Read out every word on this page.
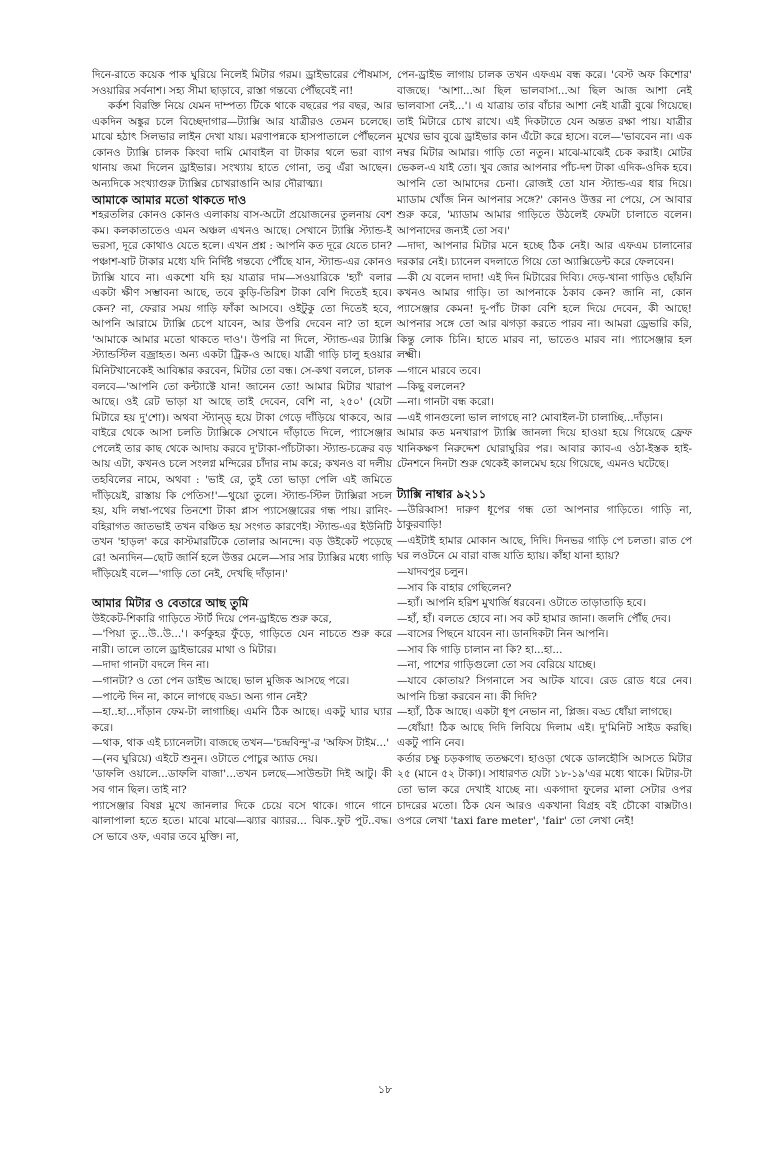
দিনে-রাতে কয়েক পাক ঘুরিয়ে নিলেই মিটার গরম। ড্রাইভারের পৌষমাস, সওয়ারির সর্বনাশ। সহ্য সীমা ছাড়াবে, রাস্তা গন্তব্যে পৌঁছবেই না!

কর্কশ বিরক্তি নিয়ে যেমন দাম্পত্য টিকে থাকে বছরের পর বছর, আর একদিন অঙ্কুর চলে বিচ্ছেদাগার—ট্যাক্সি আর যাত্রীরও তেমন চলেছে। মাঝে হঠাৎ সিলভার লাইন দেখা যায়। মরণাপন্নকে হাসপাতালে পৌঁছলেন কোনও ট্যাক্সি চালক কিংবা দামি মোবাইল বা টাকার থলে ভরা ব্যাগ থানায় জমা দিলেন ড্রাইভার। সংখ্যায় হাতে গোনা, তবু এঁরা আছেন। অন্যদিকে সংখ্যাগুরু ট্যাক্সির চোখরাঙানি আর দৌরাত্ম্য।

আমাকে আমার মতো থাকতে দাও

শহরতলির কোনও কোনও এলাকায় বাস-অটো প্রয়োজনের তুলনায় বেশ কম। কলকাতাতেও এমন অঞ্চল এখনও আছে। সেখানে ট্যাক্সি স্ট্যান্ড-ই ভরসা, দূরে কোথাও যেতে হলে। এখন প্রশ্ন : আপনি কত দূরে যেতে চান? পঞ্চাশ-ষাট টাকার মধ্যে যদি নির্দিষ্ট গন্তব্যে পৌঁছে যান, স্ট্যান্ড-এর কোনও ট্যাক্সি যাবে না। একশো যদি হয় যাত্রার দাম—সওয়ারিকে 'হ্যাঁ' বলার একটা ক্ষীণ সম্ভাবনা আছে, তবে কুড়ি-তিরিশ টাকা বেশি দিতেই হবে। কেন? না, ফেরার সময় গাড়ি ফাঁকা আসবে। ওইটুকু তো দিতেই হবে, আপনি আরামে ট্যাক্সি চেপে যাবেন, আর উপরি দেবেন না? তা হলে 'আমাকে আমার মতো থাকতে দাও'। উপরি না দিলে, স্ট্যান্ড-এর ট্যাক্সি স্ট্যান্ডস্টিল বজ্রাহত। অন্য একটা ট্রিক-ও আছে। যাত্রী গাড়ি চালু হওয়ার মিনিটখানেকেই আবিষ্কার করবেন, মিটার তো বন্ধ। সে-কথা বললে, চালক বলবে—'আপনি তো কন্ট্যাক্টে যান! জানেন তো! আমার মিটার খারাপ আছে। ওই রেট ভাড়া যা আছে তাই দেবেন, বেশি না, ২৫০' (যেটা মিটারে হয় দু'শো)। অথবা স্ট্যান্ড্‌ হয়ে টাকা গেড়ে দাঁড়িয়ে থাকবে, আর বাইরে থেকে আসা চলতি ট্যাক্সিকে সেখানে দাঁড়াতে দিলে, প্যাসেঞ্জার পেলেই তার কাছ থেকে আদায় করবে দু'টাকা-পাঁচটাকা। স্ট্যান্ড-চক্রের বড় আয় এটা, কখনও চলে সংলগ্ন মন্দিরের চাঁদার নাম করে; কখনও বা দলীয় তহবিলের নামে, অথবা : 'ভাই রে, তুই তো ভাড়া পেলি এই জমিতে দাঁড়িয়েই, রাস্তায় কি পেতিস!'—থুয়ো তুলে। স্ট্যান্ড-স্টিল ট্যাক্সিরা সচল হয়, যদি লম্বা-পথের তিনশো টাকা প্লাস প্যাসেঞ্জারের গন্ধ পায়। রানিং-বহিরাগত জাতভাই তখন বঞ্চিত হয় সংগত কারণেই। স্ট্যান্ড-এর ইউনিটি তখন 'হাড়ল' করে কাস্টমারটিকে তোলার আনন্দে। বড় উইকেট পড়েছে রে! অন্যদিন—ছোট জার্নি হলে উত্তর মেলে—সার সার ট্যাক্সির মধ্যে গাড়ি দাঁড়িয়েই বলে—'গাড়ি তো নেই, দেখছি দাঁড়ান।'

আমার মিটার ও বেতারে আছ তুমি

উইকেট-শিকারি গাড়িতে স্টার্ট দিয়ে পেন-ড্রাইভে শুরু করে,
—'পিয়া তু...উ..উ...'। কর্ণকুহর ফুঁড়ে, গাড়িতে যেন নাচতে শুরু করে নারী। তালে তালে ড্রাইভারের মাথা ও মিটার।
—দাদা গানটা বদলে দিন না।
—গানটা? ও তো পেন ডাইভ আছে। ভাল মুজিক আসছে পরে।
—পাল্টে দিন না, কানে লাগছে বড্ড। অন্য গান নেই?
—হা..হা...দাঁড়ান ফেম-টা লাগাচ্ছি। এমনি ঠিক আছে। একটু ঘ্যার ঘ্যার করে।
—থাক, থাক এই চ্যানেলটা। বাজছে তখন—'চন্দ্রবিন্দু'-র 'অফিস টাইম...'
—(নব ঘুরিয়ে) এইটে শুনুন। ওটাতে পোচুর অ্যাড দেয়।
'ডাফলি ওয়ালে...ডাফলি বাজা'...তখন চলছে—সাউন্ডটা দিই আটু। কী সব গান ছিল। তাই না?
প্যাসেঞ্জার বিষণ্ণ মুখে জানলার দিকে চেয়ে বসে থাকে। গানে গানে ঝালাপালা হতে হতে। মাঝে মাঝে—ঝ্যার ঝ্যারর... ঝিক..ফুট পুট..বদ্ধ। সে ভাবে ওফ, এবার তবে মুক্তি। না,

পেন-ড্রাইভ লাগায় চালক তখন এফএম বন্ধ করে। 'বেস্ট অফ কিশোর' বাজছে। 'আশা...আ ছিল ভালবাসা...আ ছিল আজ আশা নেই ভালবাসা নেই...'। এ যাত্রায় তার বাঁচার আশা নেই যাত্রী বুঝে গিয়েছে। তাই মিটারে চোখ রাখে। এই দিকটাতে যেন অন্তত রক্ষা পায়। যাত্রীর মুখের ভাব বুঝে ড্রাইভার কান এঁটো করে হাসে। বলে—'ভাববেন না। এক নম্বর মিটার আমার। গাড়ি তো নতুন। মাঝে-মাঝেই চেক করাই। মোটর ভেকল-এ যাই তো। খুব জোর আপনার পাঁচ-দশ টাকা এদিক-ওদিক হবে। আপনি তো আমাদের চেনা। রোজই তো যান স্ট্যান্ড-এর ধার দিয়ে। ম্যাডাম খোঁজ নিন আপনার সঙ্গে?' কোনও উত্তর না পেয়ে, সে আবার শুরু করে, 'ম্যাডাম আমার গাড়িতে উঠলেই ফেমটা চালাতে বলেন। আপনাদের জন্যই তো সব।'

—দাদা, আপনার মিটার মনে হচ্ছে ঠিক নেই। আর এফএম চালানোর দরকার নেই। চ্যানেল বদলাতে গিয়ে তো অ্যাক্সিডেন্ট করে ফেলবেন।
—কী যে বলেন দাদা! এই দিন মিটারের দিব্যি। দেড়-খানা গাড়িও ছোঁয়নি কখনও আমার গাড়ি। তা আপনাকে ঠকাব কেন? জানি না, কোন প্যাসেঞ্জার কেমন! দু-পাঁচ টাকা বেশি হলে দিয়ে দেবেন, কী আছে! আপনার সঙ্গে তো আর ঝগড়া করতে পারব না। আমরা ড্রেভারি করি, কিন্তু লোক চিনি। হাতে মারব না, ভাতেও মারব না। প্যাসেঞ্জার হল লক্ষ্মী।
—গানে মারবে তবে।
—কিছু বললেন?
—না। গানটা বন্ধ করো।
—এই গানগুলো ভাল লাগছে না? মোবাইল-টা চালাচ্ছি...দাঁড়ান।
আমার কত মনখারাপ ট্যাক্সি জানলা দিয়ে হাওয়া হয়ে গিয়েছে ফ্রেফ খানিকক্ষণ নিরুদ্দেশ ঘোরাঘুরির পর। আবার ক্যাব-এ ওঠা-ইস্তক হাই-টেনশনে দিনটা শুরু থেকেই কালমেঘ হয়ে গিয়েছে, এমনও ঘটেছে।

ট্যাক্সি নাম্বার ৯২১১

—উরিব্বাস! দারুণ ধূপের গন্ধ তো আপনার গাড়িতে। গাড়ি না, ঠাকুরবাড়ি!
—এইটাই হামার মোকান আছে, দিদি। দিনভর গাড়ি পে চলতা। রাত পে ঘর লওটনে মে বারা বাজ যাতি হ্যায়। কাঁহা যানা হ্যায়?
—যাদবপুর চলুন।
—সাব কি বাহার গেছিলেন?
—হ্যাঁ। আপনি হরিশ মুখার্জি ধরবেন। ওটাতে তাড়াতাড়ি হবে।
—হাঁ, হাঁ। বলতে হোবে না। সব কট হামার জানা। জলদি পৌঁছ দেব।
—বাসের পিছনে যাবেন না। ডানদিকটা নিন আপনি।
—সাব কি গাড়ি চালান না কি? হা...হা...
—না, পাশের গাড়িগুলো তো সব বেরিয়ে যাচ্ছে।
—যাবে কোতায়? সিগনালে সব আটক যাবে। রেড রোড ধরে নেব। আপনি চিন্তা করবেন না। কী দিদি?
—হ্যাঁ, ঠিক আছে। একটা ধূপ নেভান না, প্লিজ। বড্ড ধোঁয়া লাগছে।
—ধোঁয়া! ঠিক আছে দিদি লিবিয়ে দিলাম এই। দু'মিনিট সাইড করছি। একটু পানি নেব।
কর্তার চক্ষু চড়কগাছ ততক্ষণে। হাওড়া থেকে ডালহৌসি আসতে মিটার ২৫ (মানে ৫২ টাকা)। সাধারণত যেটা ১৮-১৯'এর মধ্যে থাকে। মিটার-টা তো ভাল করে দেখাই যাচ্ছে না। একগাদা ফুলের মালা সেটার ওপর চাদরের মতো। ঠিক যেন আরও একখানা বিগ্রহ বই চৌকো বাক্সটাও। ওপরে লেখা 'taxi fare meter', 'fair' তো লেখা নেই!

১৮
